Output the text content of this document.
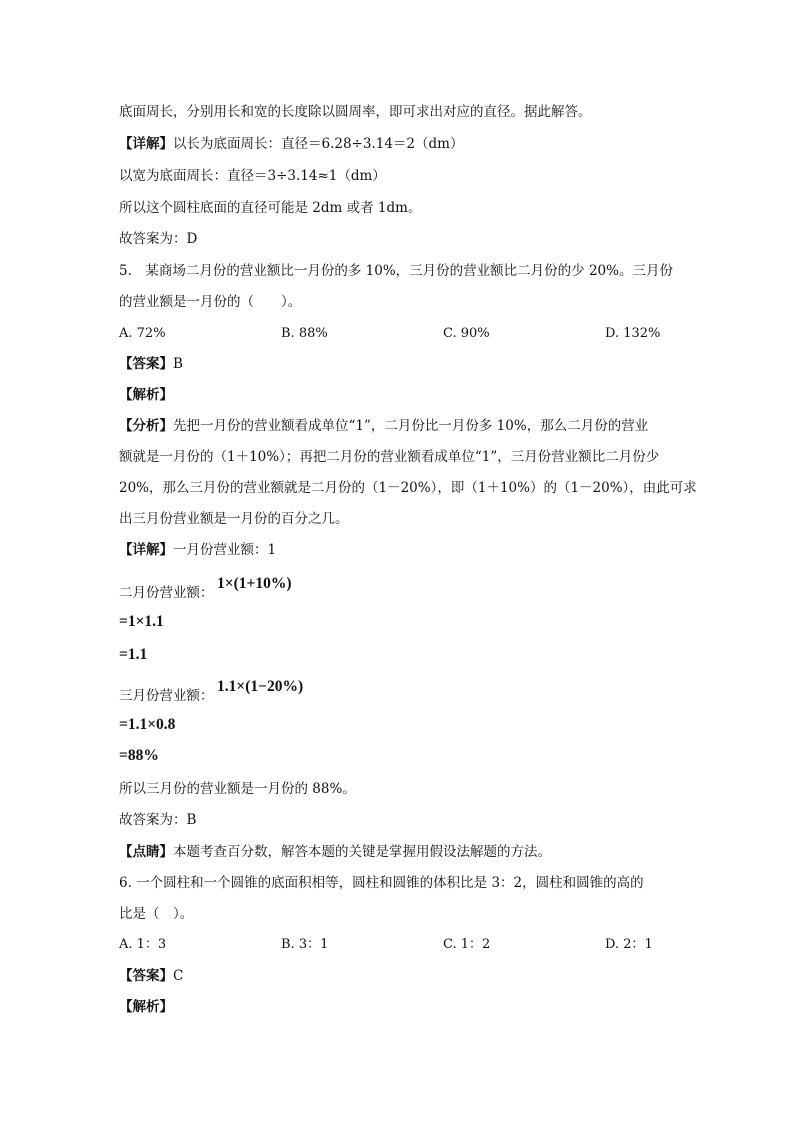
底面周长，分别用长和宽的长度除以圆周率，即可求出对应的直径。据此解答。
【详解】以长为底面周长：直径＝6.28÷3.14＝2（dm）
以宽为底面周长：直径＝3÷3.14≈1（dm）
所以这个圆柱底面的直径可能是 2dm 或者 1dm。
故答案为：D
5.　某商场二月份的营业额比一月份的多 10%，三月份的营业额比二月份的少 20%。三月份
的营业额是一月份的（　　）。
A. 72%	B. 88%	C. 90%	D. 132%
【答案】B
【解析】
【分析】先把一月份的营业额看成单位“1”，二月份比一月份多 10%，那么二月份的营业
额就是一月份的（1＋10%）；再把二月份的营业额看成单位“1”，三月份营业额比二月份少
20%，那么三月份的营业额就是二月份的（1－20%），即（1＋10%）的（1－20%），由此可求
出三月份营业额是一月份的百分之几。
【详解】一月份营业额：1
二月份营业额：
1×(1+10%)
=1×1.1
=1.1
三月份营业额：
1.1×(1−20%)
=1.1×0.8
=88%
所以三月份的营业额是一月份的 88%。
故答案为：B
【点睛】本题考查百分数，解答本题的关键是掌握用假设法解题的方法。
6. 一个圆柱和一个圆锥的底面积相等，圆柱和圆锥的体积比是 3：2，圆柱和圆锥的高的
比是（　）。
A. 1：3	B. 3：1	C. 1：2	D. 2：1
【答案】C
【解析】
